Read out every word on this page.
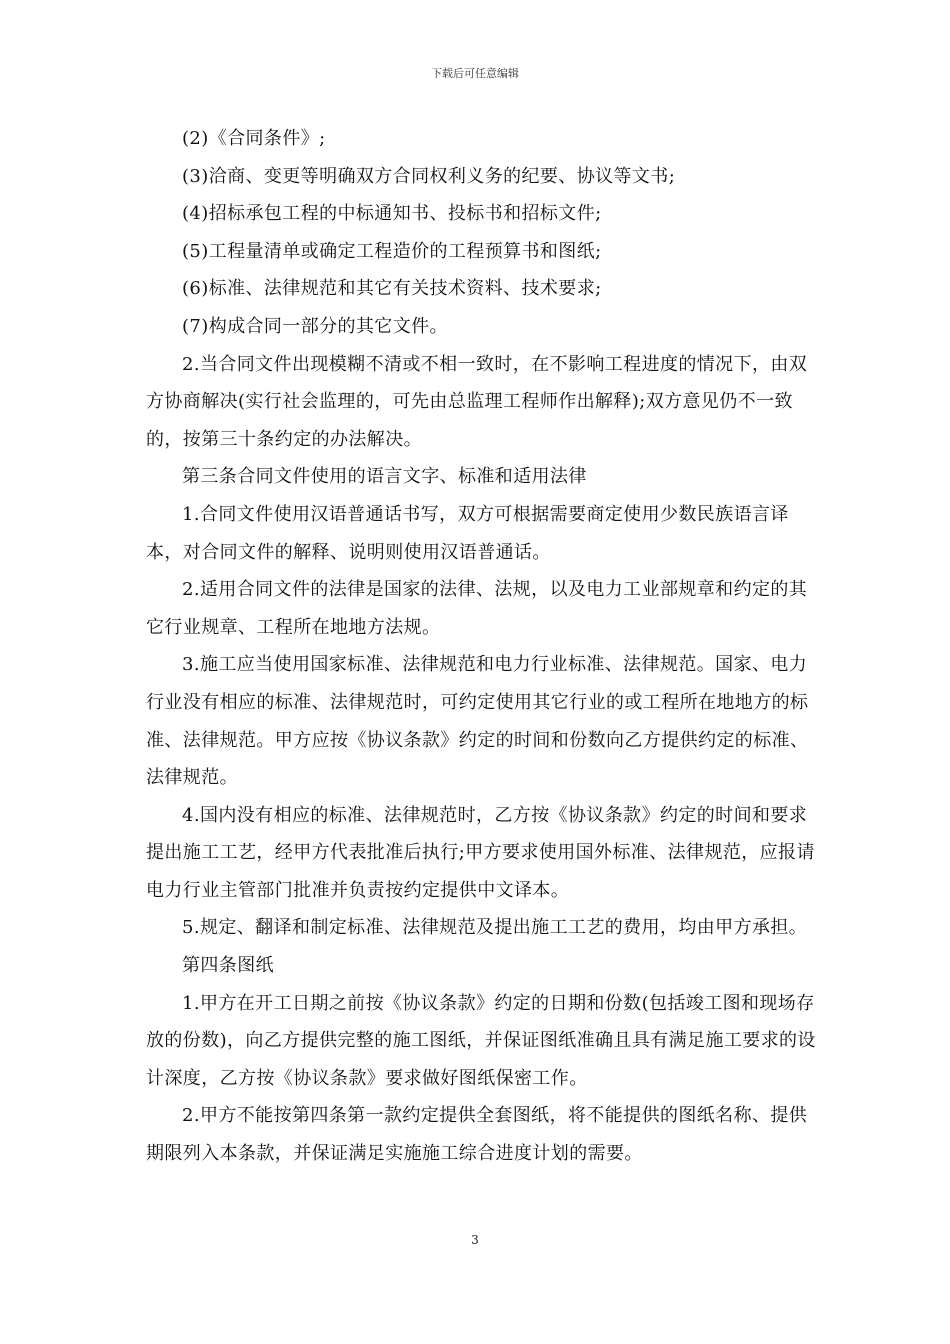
下载后可任意编辑

(2)《合同条件》;

(3)洽商、变更等明确双方合同权利义务的纪要、协议等文书;

(4)招标承包工程的中标通知书、投标书和招标文件;

(5)工程量清单或确定工程造价的工程预算书和图纸;

(6)标准、法律规范和其它有关技术资料、技术要求;

(7)构成合同一部分的其它文件。

2.当合同文件出现模糊不清或不相一致时，在不影响工程进度的情况下，由双方协商解决(实行社会监理的，可先由总监理工程师作出解释);双方意见仍不一致的，按第三十条约定的办法解决。

第三条合同文件使用的语言文字、标准和适用法律

1.合同文件使用汉语普通话书写，双方可根据需要商定使用少数民族语言译本，对合同文件的解释、说明则使用汉语普通话。

2.适用合同文件的法律是国家的法律、法规，以及电力工业部规章和约定的其它行业规章、工程所在地地方法规。

3.施工应当使用国家标准、法律规范和电力行业标准、法律规范。国家、电力行业没有相应的标准、法律规范时，可约定使用其它行业的或工程所在地地方的标准、法律规范。甲方应按《协议条款》约定的时间和份数向乙方提供约定的标准、法律规范。

4.国内没有相应的标准、法律规范时，乙方按《协议条款》约定的时间和要求提出施工工艺，经甲方代表批准后执行;甲方要求使用国外标准、法律规范，应报请电力行业主管部门批准并负责按约定提供中文译本。

5.规定、翻译和制定标准、法律规范及提出施工工艺的费用，均由甲方承担。

第四条图纸

1.甲方在开工日期之前按《协议条款》约定的日期和份数(包括竣工图和现场存放的份数)，向乙方提供完整的施工图纸，并保证图纸准确且具有满足施工要求的设计深度，乙方按《协议条款》要求做好图纸保密工作。

2.甲方不能按第四条第一款约定提供全套图纸，将不能提供的图纸名称、提供期限列入本条款，并保证满足实施施工综合进度计划的需要。

3
